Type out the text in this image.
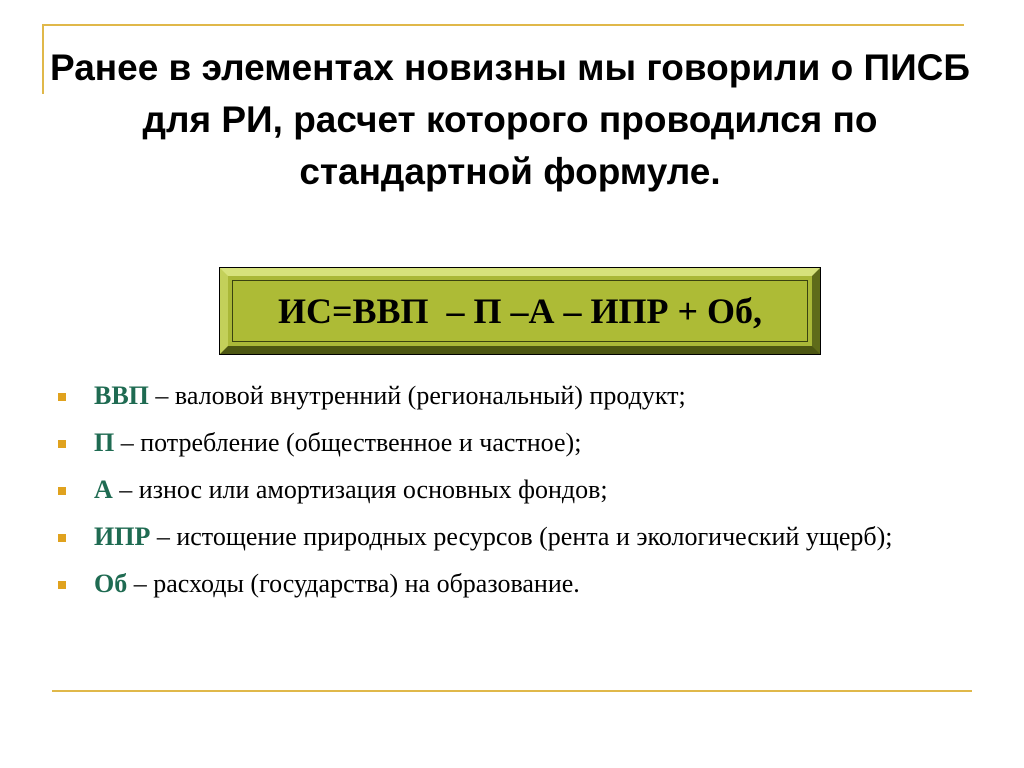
Ранее в элементах новизны мы говорили о ПИСБ для РИ, расчет которого проводился по стандартной формуле.
ИС=ВВП  – П –А – ИПР + Об,
ВВП – валовой внутренний (региональный) продукт;
П – потребление (общественное и частное);
А – износ или амортизация основных фондов;
ИПР – истощение природных ресурсов (рента и экологический ущерб);
Об – расходы (государства) на образование.
